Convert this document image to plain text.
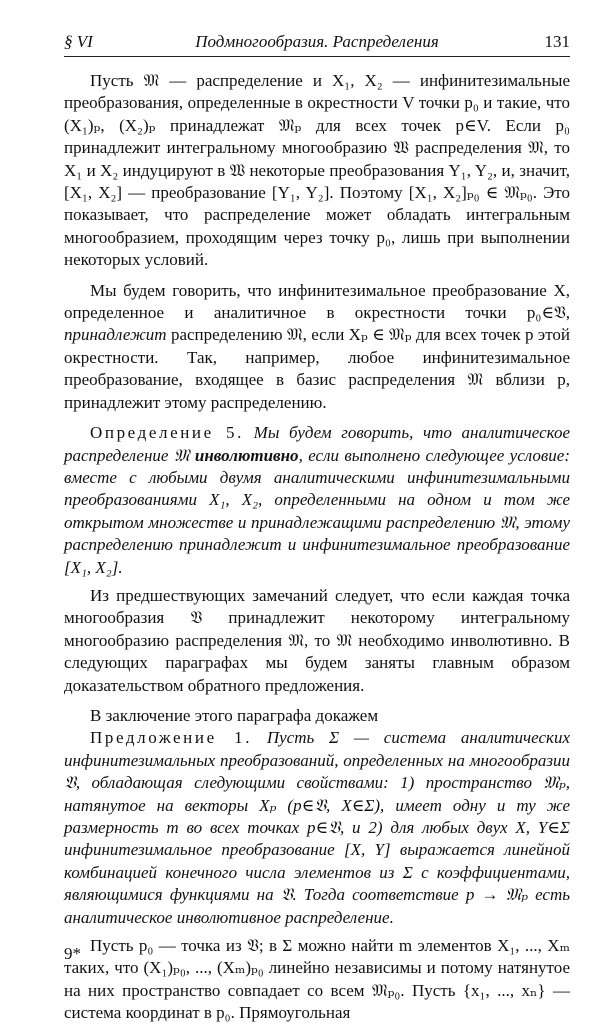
§ VI	Подмногообразия. Распределения	131

Пусть 𝔐 — распределение и X₁, X₂ — инфинитезимальные преобразования, определенные в окрестности V точки p₀ и такие, что (X₁)ₚ, (X₂)ₚ принадлежат 𝔐ₚ для всех точек p∈V. Если p₀ принадлежит интегральному многообразию 𝔚 распределения 𝔐, то X₁ и X₂ индуцируют в 𝔚 некоторые преобразования Y₁, Y₂, и, значит, [X₁, X₂] — преобразование [Y₁, Y₂]. Поэтому [X₁, X₂]ₚ₀ ∈ 𝔐ₚ₀. Это показывает, что распределение может обладать интегральным многообразием, проходящим через точку p₀, лишь при выполнении некоторых условий.

Мы будем говорить, что инфинитезимальное преобразование X, определенное и аналитичное в окрестности точки p₀∈𝔙, принадлежит распределению 𝔐, если Xₚ ∈ 𝔐ₚ для всех точек p этой окрестности. Так, например, любое инфинитезимальное преобразование, входящее в базис распределения 𝔐 вблизи p, принадлежит этому распределению.

Определение 5. Мы будем говорить, что аналитическое распределение 𝔐 инволютивно, если выполнено следующее условие: вместе с любыми двумя аналитическими инфинитезимальными преобразованиями X₁, X₂, определенными на одном и том же открытом множестве и принадлежащими распределению 𝔐, этому распределению принадлежит и инфинитезимальное преобразование [X₁, X₂].

Из предшествующих замечаний следует, что если каждая точка многообразия 𝔙 принадлежит некоторому интегральному многообразию распределения 𝔐, то 𝔐 необходимо инволютивно. В следующих параграфах мы будем заняты главным образом доказательством обратного предложения.

В заключение этого параграфа докажем

Предложение 1. Пусть Σ — система аналитических инфинитезимальных преобразований, определенных на многообразии 𝔙, обладающая следующими свойствами: 1) пространство 𝔐ₚ, натянутое на векторы Xₚ (p∈𝔙, X∈Σ), имеет одну и ту же размерность m во всех точках p∈𝔙, и 2) для любых двух X, Y∈Σ инфинитезимальное преобразование [X, Y] выражается линейной комбинацией конечного числа элементов из Σ с коэффициентами, являющимися функциями на 𝔙. Тогда соответствие p → 𝔐ₚ есть аналитическое инволютивное распределение.

Пусть p₀ — точка из 𝔙; в Σ можно найти m элементов X₁, ..., Xₘ таких, что (X₁)ₚ₀, ..., (Xₘ)ₚ₀ линейно независимы и потому натянутое на них пространство совпадает со всем 𝔐ₚ₀. Пусть {x₁, ..., xₙ} — система координат в p₀. Прямоугольная

9*
